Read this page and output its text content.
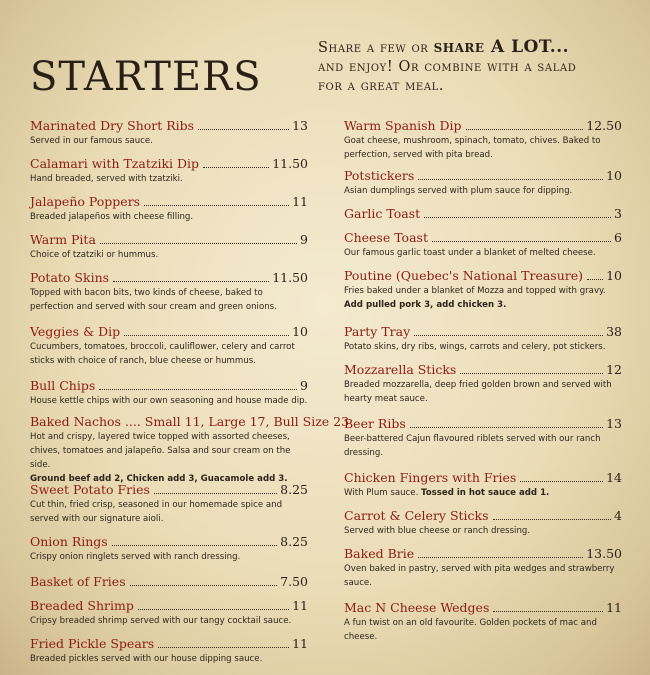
STARTERS
Share a few or share A LOT...
and enjoy! Or combine with a salad
for a great meal.
Marinated Dry Short Ribs	13
Served in our famous sauce.
Calamari with Tzatziki Dip	11.50
Hand breaded, served with tzatziki.
Jalapeño Poppers	11
Breaded jalapeños with cheese filling.
Warm Pita	9
Choice of tzatziki or hummus.
Potato Skins	11.50
Topped with bacon bits, two kinds of cheese, baked to perfection and served with sour cream and green onions.
Veggies & Dip	10
Cucumbers, tomatoes, broccoli, cauliflower, celery and carrot sticks with choice of ranch, blue cheese or hummus.
Bull Chips	9
House kettle chips with our own seasoning and house made dip.
Baked Nachos .... Small 11, Large 17, Bull Size 23
Hot and crispy, layered twice topped with assorted cheeses, chives, tomatoes and jalapeño. Salsa and sour cream on the side.
Ground beef add 2, Chicken add 3, Guacamole add 3.
Sweet Potato Fries	8.25
Cut thin, fried crisp, seasoned in our homemade spice and served with our signature aioli.
Onion Rings	8.25
Crispy onion ringlets served with ranch dressing.
Basket of Fries	7.50
Breaded Shrimp	11
Cripsy breaded shrimp served with our tangy cocktail sauce.
Fried Pickle Spears	11
Breaded pickles served with our house dipping sauce.
Warm Spanish Dip	12.50
Goat cheese, mushroom, spinach, tomato, chives. Baked to perfection, served with pita bread.
Potstickers	10
Asian dumplings served with plum sauce for dipping.
Garlic Toast	3
Cheese Toast	6
Our famous garlic toast under a blanket of melted cheese.
Poutine (Quebec's National Treasure) 10
Fries baked under a blanket of Mozza and topped with gravy.
Add pulled pork 3, add chicken 3.
Party Tray	38
Potato skins, dry ribs, wings, carrots and celery, pot stickers.
Mozzarella Sticks	12
Breaded mozzarella, deep fried golden brown and served with hearty meat sauce.
Beer Ribs	13
Beer-battered Cajun flavoured riblets served with our ranch dressing.
Chicken Fingers with Fries	14
With Plum sauce. Tossed in hot sauce add 1.
Carrot & Celery Sticks	4
Served with blue cheese or ranch dressing.
Baked Brie	13.50
Oven baked in pastry, served with pita wedges and strawberry sauce.
Mac N Cheese Wedges	11
A fun twist on an old favourite. Golden pockets of mac and cheese.
